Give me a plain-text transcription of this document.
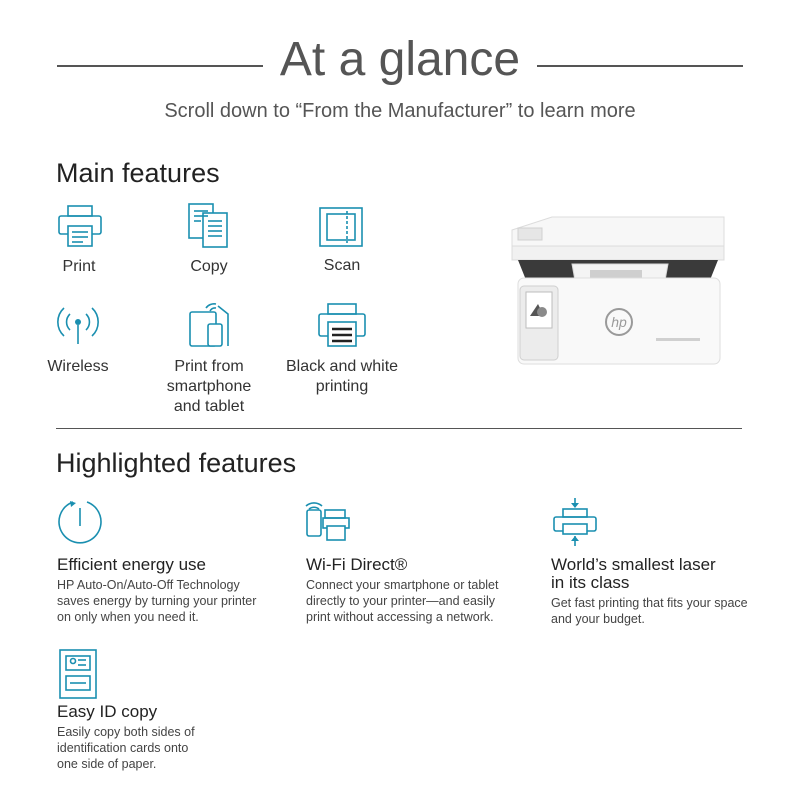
At a glance
Scroll down to “From the Manufacturer” to learn more
Main features
Print	Copy	Scan
Wireless	Print from
smartphone
and tablet
Black and white
printing
hp
Highlighted features
Efficient energy use
HP Auto-On/Auto-Off Technology
saves energy by turning your printer
on only when you need it.
Wi-Fi Direct®
Connect your smartphone or tablet
directly to your printer—and easily
print without accessing a network.
World’s smallest laser
in its class
Get fast printing that fits your space
and your budget.
Easy ID copy
Easily copy both sides of
identification cards onto
one side of paper.
